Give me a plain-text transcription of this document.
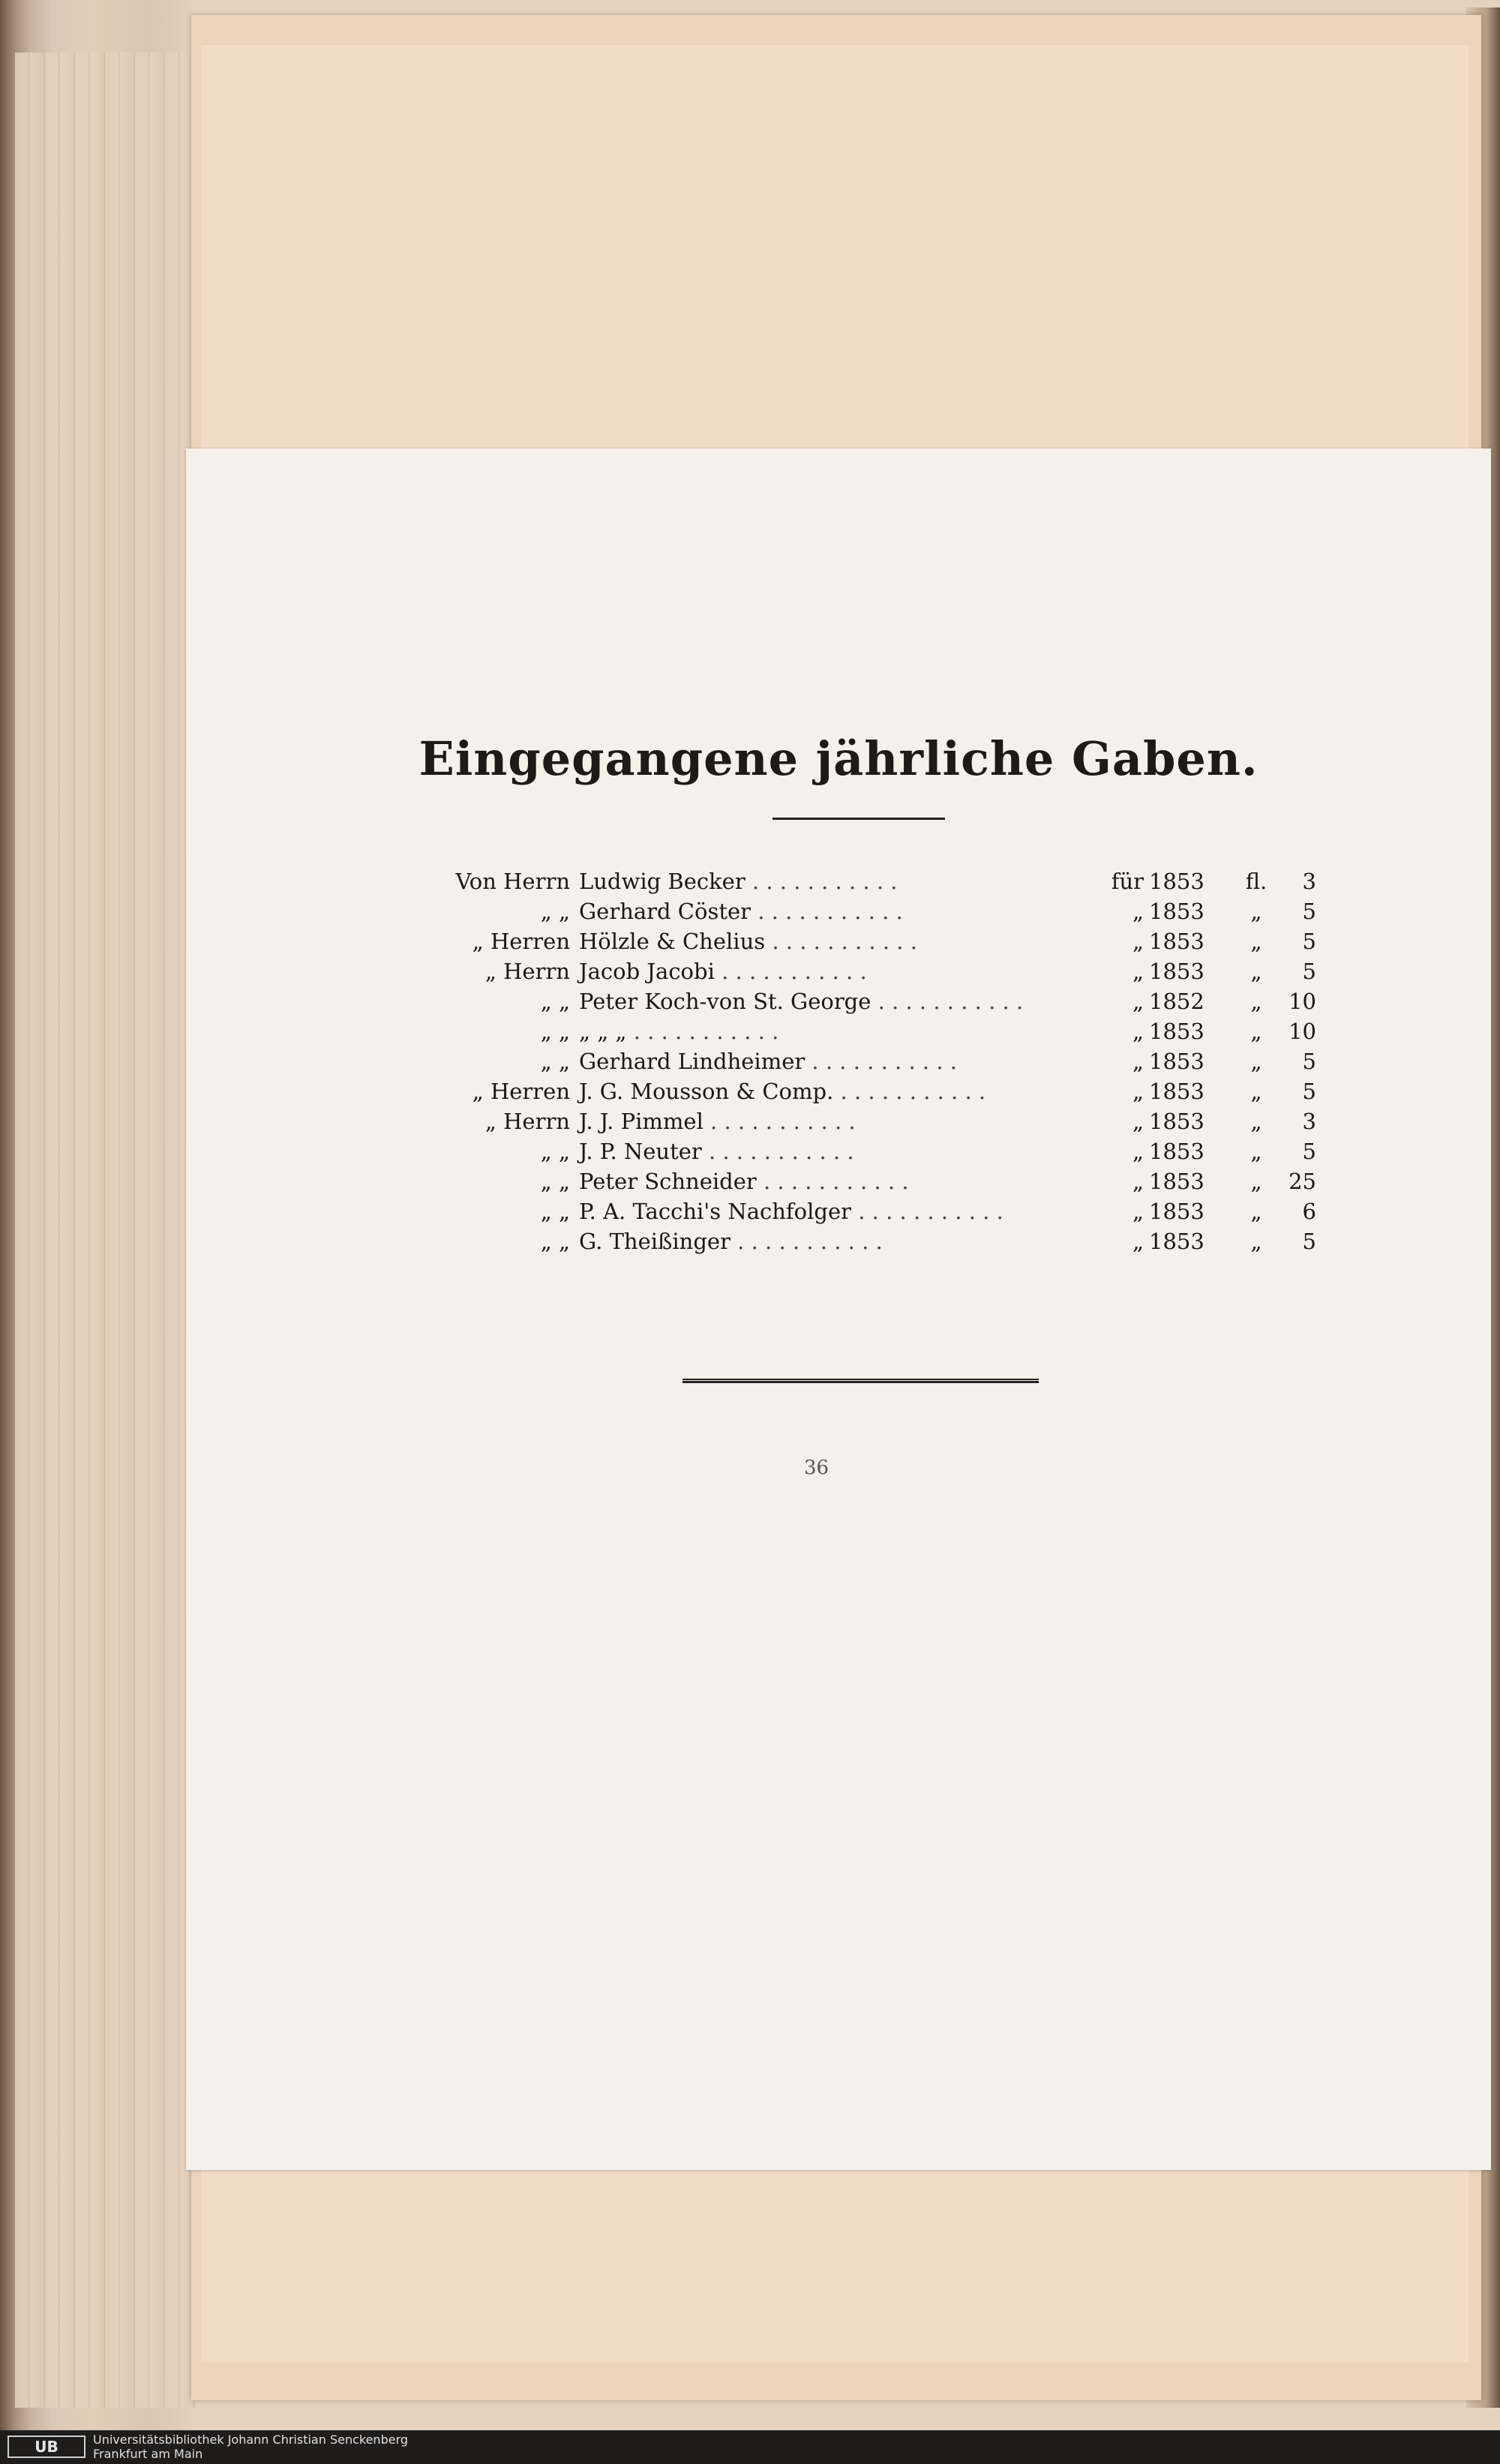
Eingegangene jährliche Gaben.
Von Herrn Ludwig Becker . . . . . . . . . . .	für 1853	fl.	3
„ „ Gerhard Cöster . . . . . . . . . . .	„ 1853	„	5
„ Herren Hölzle & Chelius . . . . . . . . . . .	„ 1853	„	5
„ Herrn Jacob Jacobi . . . . . . . . . . .	„ 1853	„	5
„ „ Peter Koch-von St. George . . . . . . . . . . .	„ 1852	„	10
„ „ „ „ „ . . . . . . . . . . .	„ 1853	„	10
„ „ Gerhard Lindheimer . . . . . . . . . . .	„ 1853	„	5
„ Herren J. G. Mousson & Comp. . . . . . . . . . . .	„ 1853	„	5
„ Herrn J. J. Pimmel . . . . . . . . . . .	„ 1853	„	3
„ „ J. P. Neuter . . . . . . . . . . .	„ 1853	„	5
„ „ Peter Schneider . . . . . . . . . . .	„ 1853	„	25
„ „ P. A. Tacchi's Nachfolger . . . . . . . . . . .	„ 1853	„	6
„ „ G. Theißinger . . . . . . . . . . .	„ 1853	„	5
36
UB	Universitätsbibliothek Johann Christian Senckenberg
Frankfurt am Main
